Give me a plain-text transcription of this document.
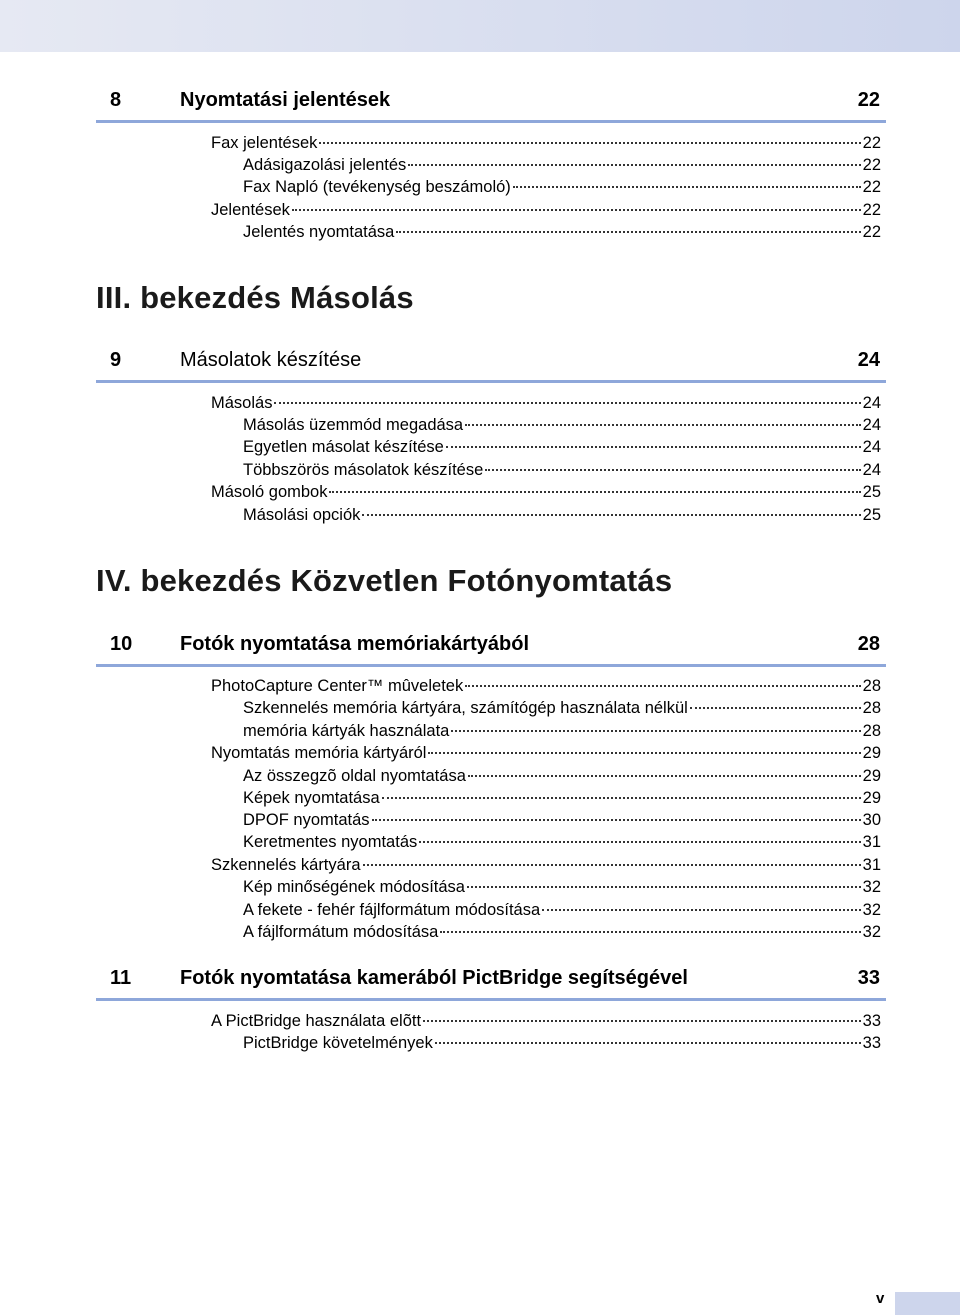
8	Nyomtatási jelentések	22
Fax jelentések	22
Adásigazolási jelentés	22
Fax Napló (tevékenység beszámoló)	22
Jelentések	22
Jelentés nyomtatása	22
III. bekezdés Másolás
9	Másolatok készítése	24
Másolás	24
Másolás üzemmód megadása	24
Egyetlen másolat készítése	24
Többszörös másolatok készítése	24
Másoló gombok	25
Másolási opciók	25
IV. bekezdés Közvetlen Fotónyomtatás
10 Fotók nyomtatása memóriakártyából	28
PhotoCapture Center™ mûveletek	28
Szkennelés memória kártyára, számítógép használata nélkül	28
memória kártyák használata	28
Nyomtatás memória kártyáról	29
Az összegzõ oldal nyomtatása	29
Képek nyomtatása	29
DPOF nyomtatás	30
Keretmentes nyomtatás	31
Szkennelés kártyára	31
Kép minőségének módosítása	32
A fekete - fehér fájlformátum módosítása	32
A fájlformátum módosítása	32
11 Fotók nyomtatása kamerából PictBridge segítségével	33
A PictBridge használata elõtt	33
PictBridge követelmények	33
v
